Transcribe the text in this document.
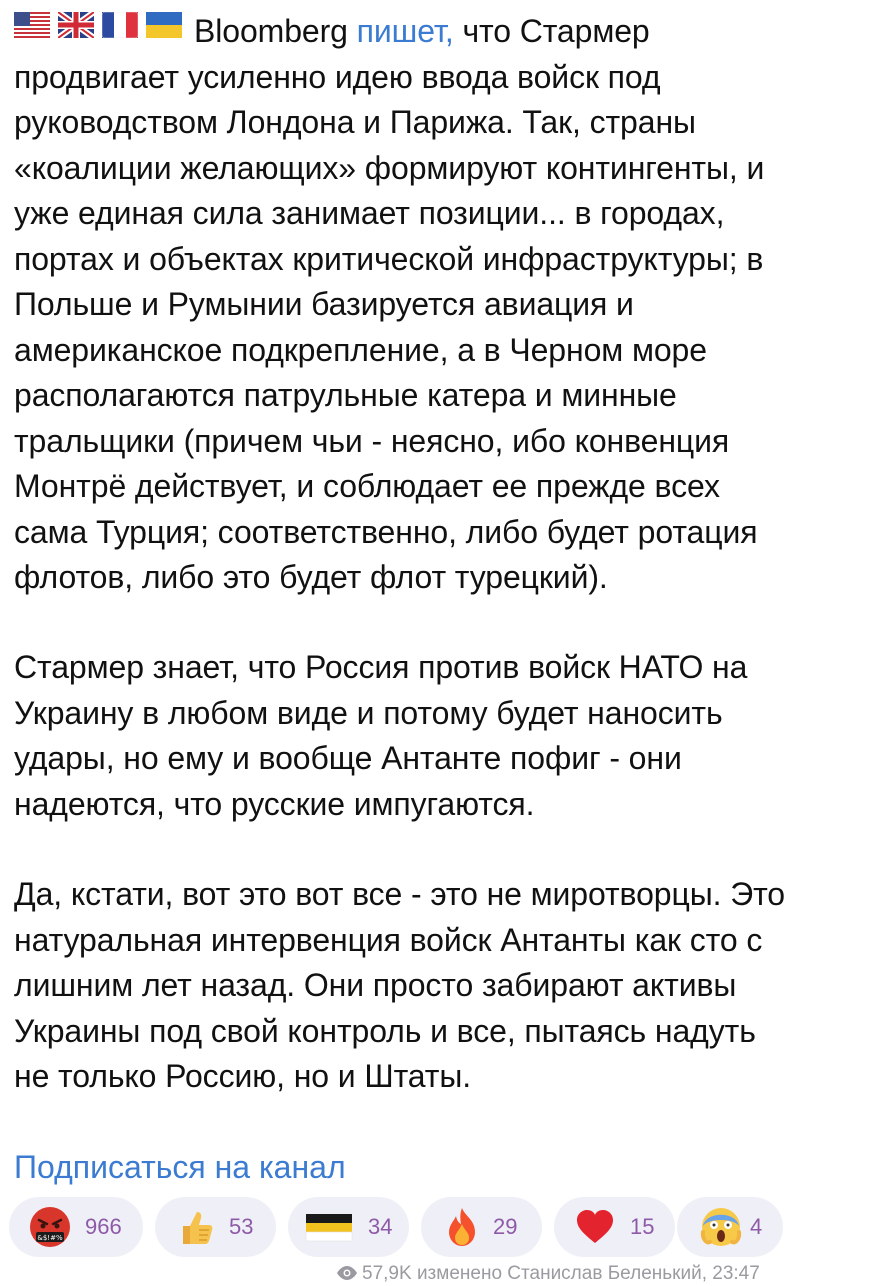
Bloomberg пишет, что Стармер
продвигает усиленно идею ввода войск под
руководством Лондона и Парижа. Так, страны
«коалиции желающих» формируют контингенты, и
уже единая сила занимает позиции... в городах,
портах и объектах критической инфраструктуры; в
Польше и Румынии базируется авиация и
американское подкрепление, а в Черном море
располагаются патрульные катера и минные
тральщики (причем чьи - неясно, ибо конвенция
Монтрё действует, и соблюдает ее прежде всех
сама Турция; соответственно, либо будет ротация
флотов, либо это будет флот турецкий).
Стармер знает, что Россия против войск НАТО на
Украину в любом виде и потому будет наносить
удары, но ему и вообще Антанте пофиг - они
надеются, что русские импугаются.
Да, кстати, вот это вот все - это не миротворцы. Это
натуральная интервенция войск Антанты как сто с
лишним лет назад. Они просто забирают активы
Украины под свой контроль и все, пытаясь надуть
не только Россию, но и Штаты.
Подписаться на канал
&$!#% 966	53	34	29	15	4
57,9K изменено Станислав Беленький, 23:47
